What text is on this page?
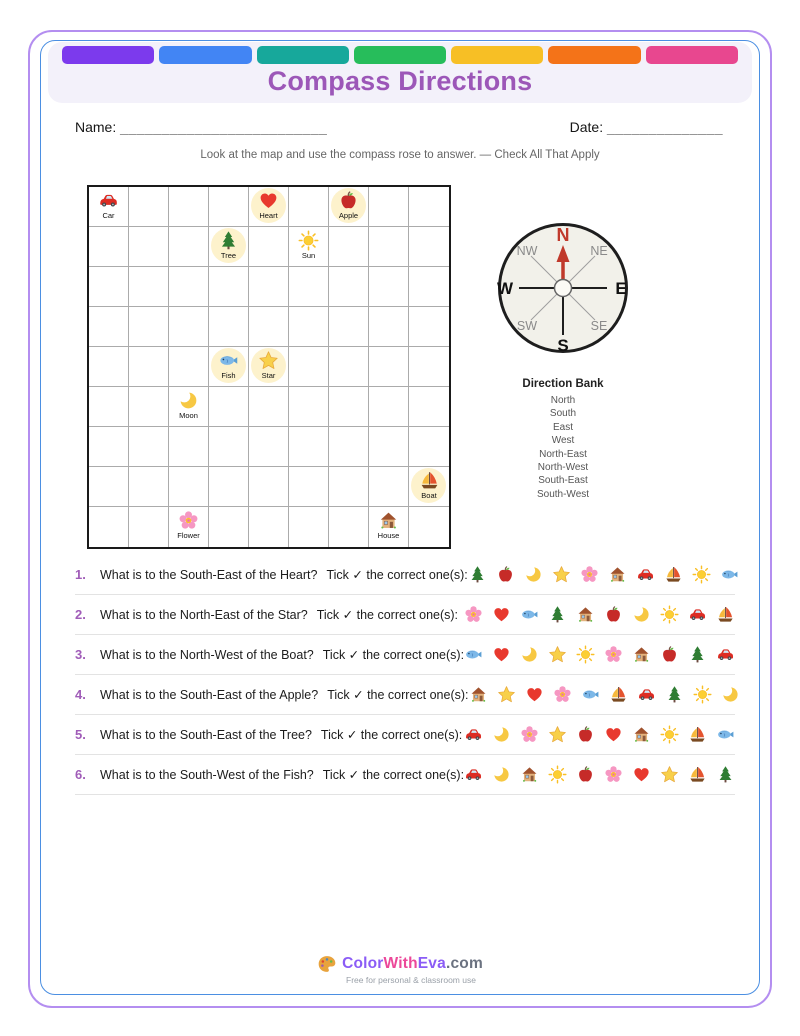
Compass Directions
Name: _________________________	Date: ______________
Look at the map and use the compass rose to answer. — Check All That Apply
Car	Heart	Apple
Tree	Sun
Fish	Star
Moon
Boat
Flower	House
N
E
S
W
NW	NE
SW	SE
Direction Bank
North
South
East
West
North-East
North-West
South-East
South-West
1.	What is to the South-East of the Heart? Tick ✓ the correct one(s):
2.	What is to the North-East of the Star? Tick ✓ the correct one(s):
3.	What is to the North-West of the Boat? Tick ✓ the correct one(s):
4.	What is to the South-East of the Apple? Tick ✓ the correct one(s):
5.	What is to the South-East of the Tree? Tick ✓ the correct one(s):
6.	What is to the South-West of the Fish? Tick ✓ the correct one(s):
ColorWithEva.com
Free for personal & classroom use
